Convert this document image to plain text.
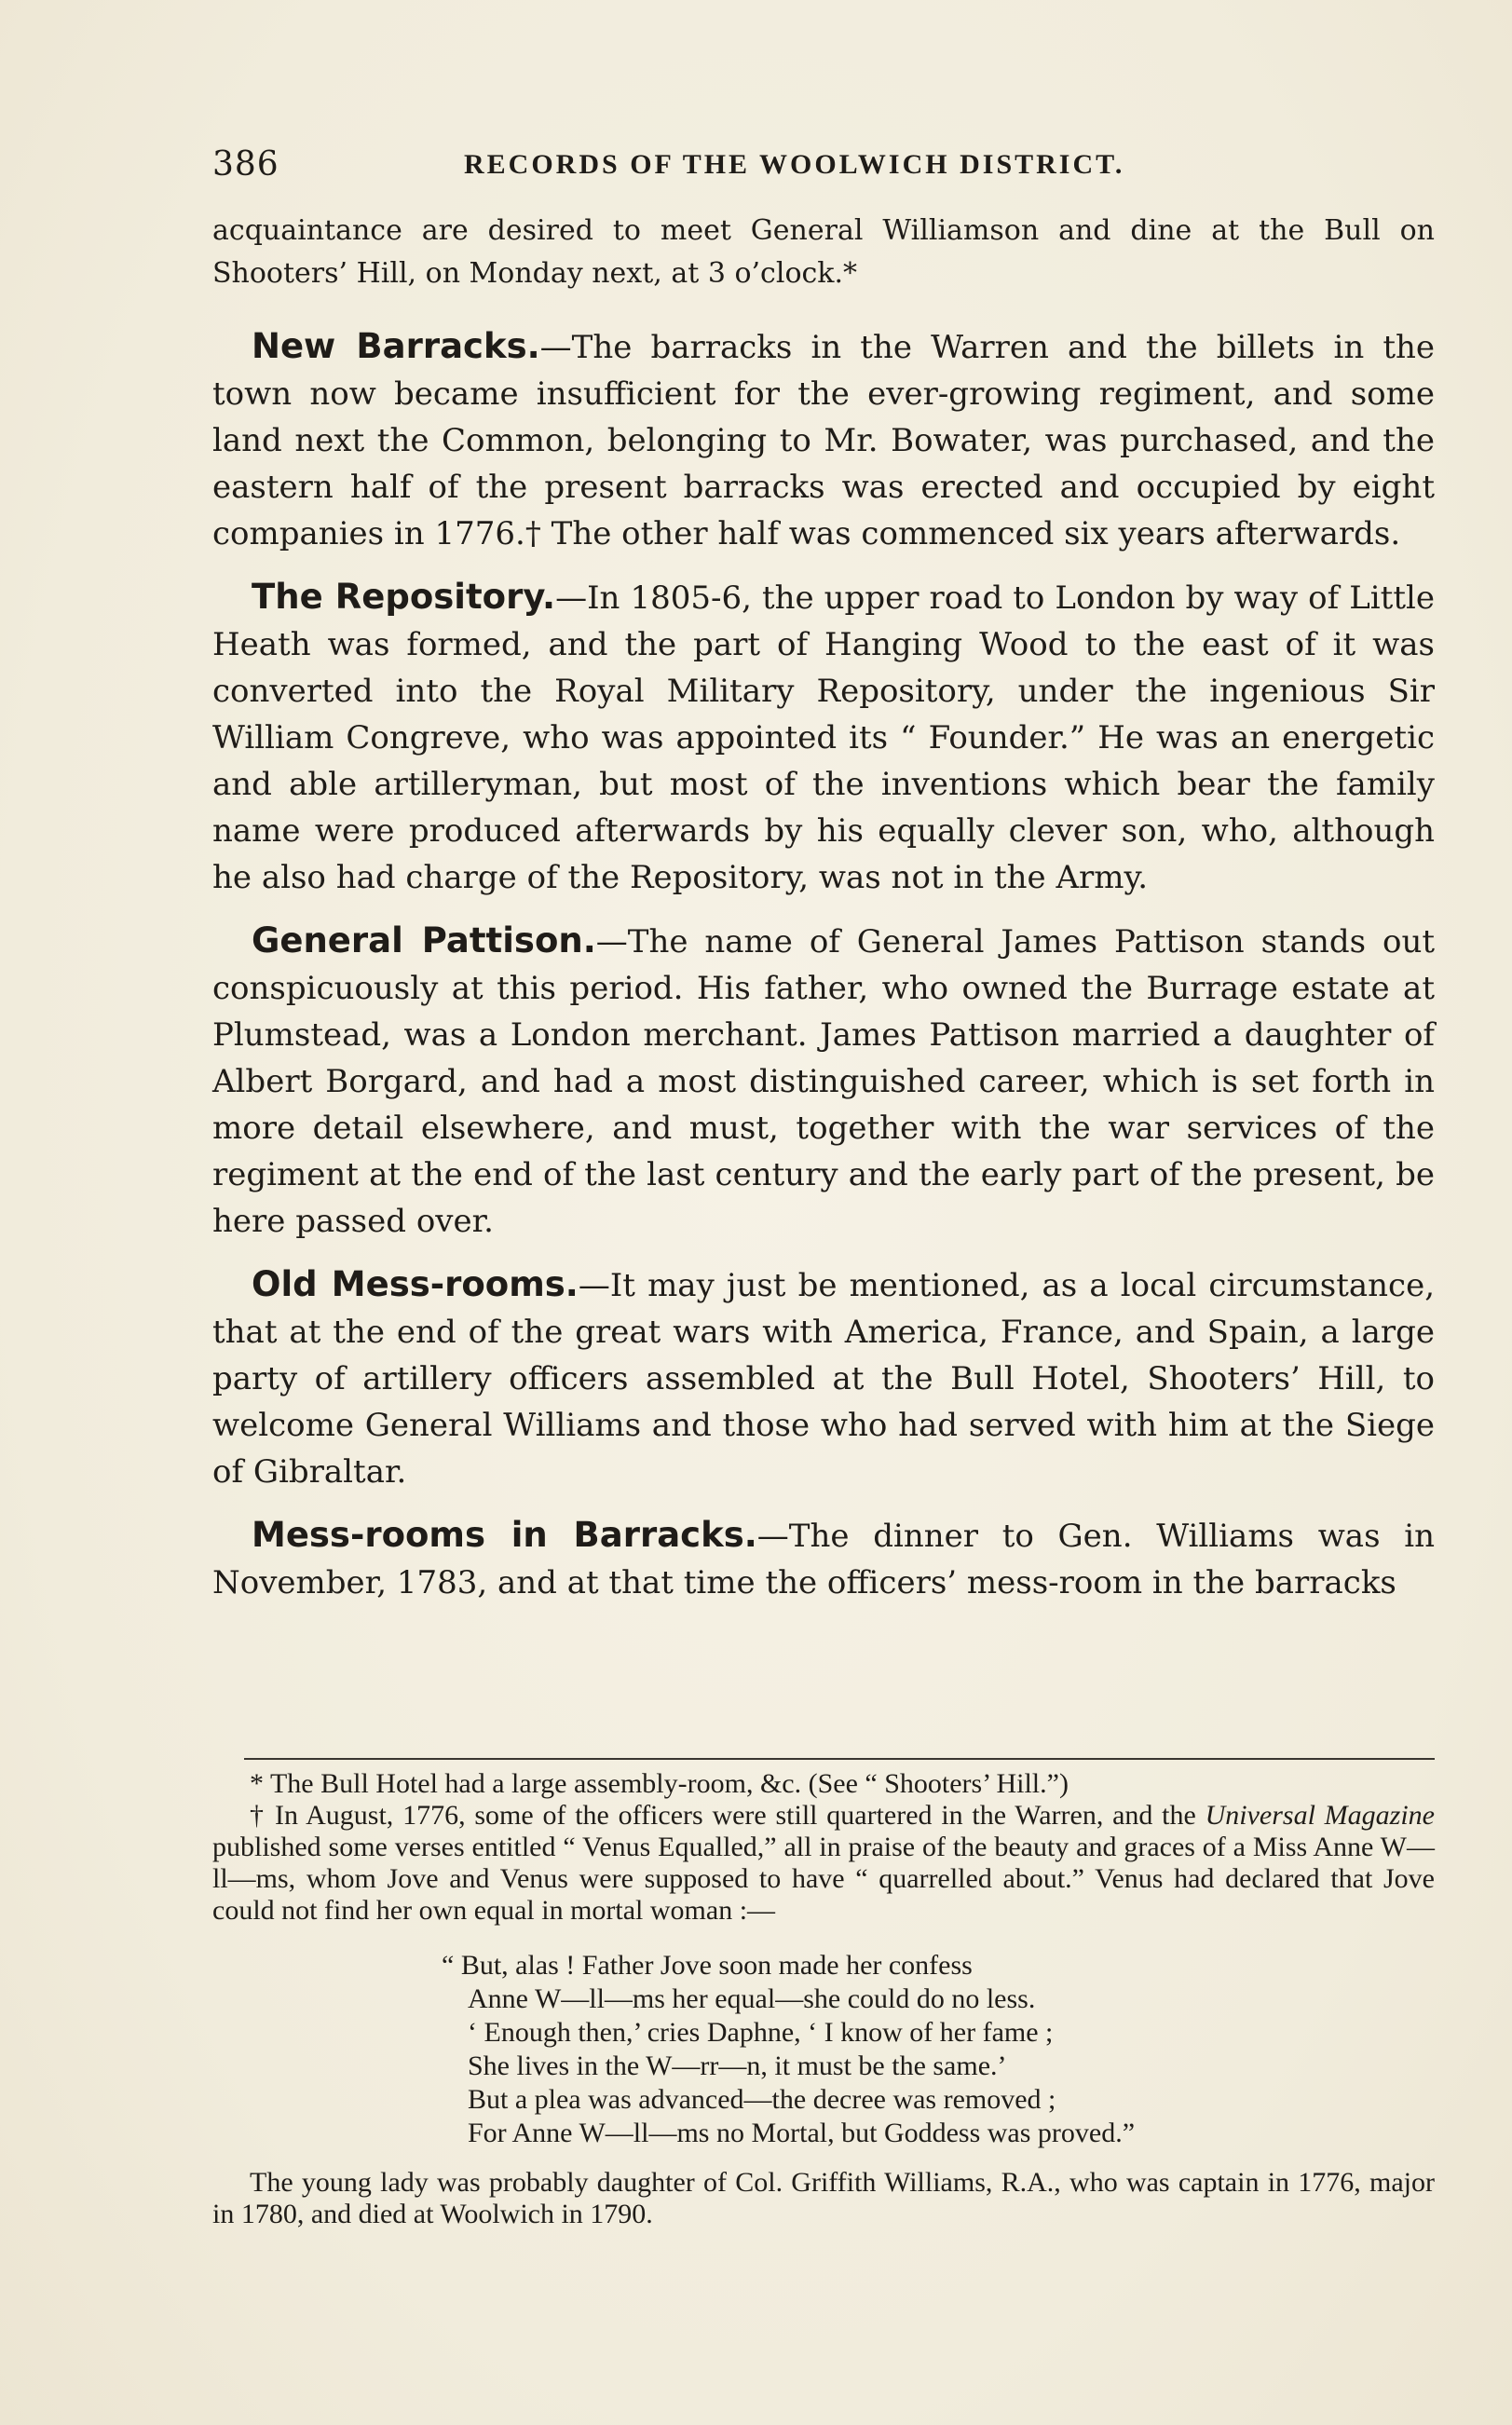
386	RECORDS OF THE WOOLWICH DISTRICT.

acquaintance are desired to meet General Williamson and dine at the Bull on Shooters’ Hill, on Monday next, at 3 o’clock.*

New Barracks.—The barracks in the Warren and the billets in the town now became insufficient for the ever-growing regiment, and some land next the Common, belonging to Mr. Bowater, was purchased, and the eastern half of the present barracks was erected and occupied by eight companies in 1776.† The other half was commenced six years afterwards.

The Repository.—In 1805-6, the upper road to London by way of Little Heath was formed, and the part of Hanging Wood to the east of it was converted into the Royal Military Repository, under the ingenious Sir William Congreve, who was appointed its “ Founder.” He was an energetic and able artilleryman, but most of the inventions which bear the family name were produced afterwards by his equally clever son, who, although he also had charge of the Repository, was not in the Army.

General Pattison.—The name of General James Pattison stands out conspicuously at this period. His father, who owned the Burrage estate at Plumstead, was a London merchant. James Pattison married a daughter of Albert Borgard, and had a most distinguished career, which is set forth in more detail elsewhere, and must, together with the war services of the regiment at the end of the last century and the early part of the present, be here passed over.

Old Mess-rooms.—It may just be mentioned, as a local circumstance, that at the end of the great wars with America, France, and Spain, a large party of artillery officers assembled at the Bull Hotel, Shooters’ Hill, to welcome General Williams and those who had served with him at the Siege of Gibraltar.

Mess-rooms in Barracks.—The dinner to Gen. Williams was in November, 1783, and at that time the officers’ mess-room in the barracks

* The Bull Hotel had a large assembly-room, &c. (See “ Shooters’ Hill.”)

† In August, 1776, some of the officers were still quartered in the Warren, and the Universal Magazine published some verses entitled “ Venus Equalled,” all in praise of the beauty and graces of a Miss Anne W—ll—ms, whom Jove and Venus were supposed to have “ quarrelled about.” Venus had declared that Jove could not find her own equal in mortal woman :—

“ But, alas ! Father Jove soon made her confess
Anne W—ll—ms her equal—she could do no less.
‘ Enough then,’ cries Daphne, ‘ I know of her fame ;
She lives in the W—rr—n, it must be the same.’
But a plea was advanced—the decree was removed ;
For Anne W—ll—ms no Mortal, but Goddess was proved.”

The young lady was probably daughter of Col. Griffith Williams, R.A., who was captain in 1776, major in 1780, and died at Woolwich in 1790.
